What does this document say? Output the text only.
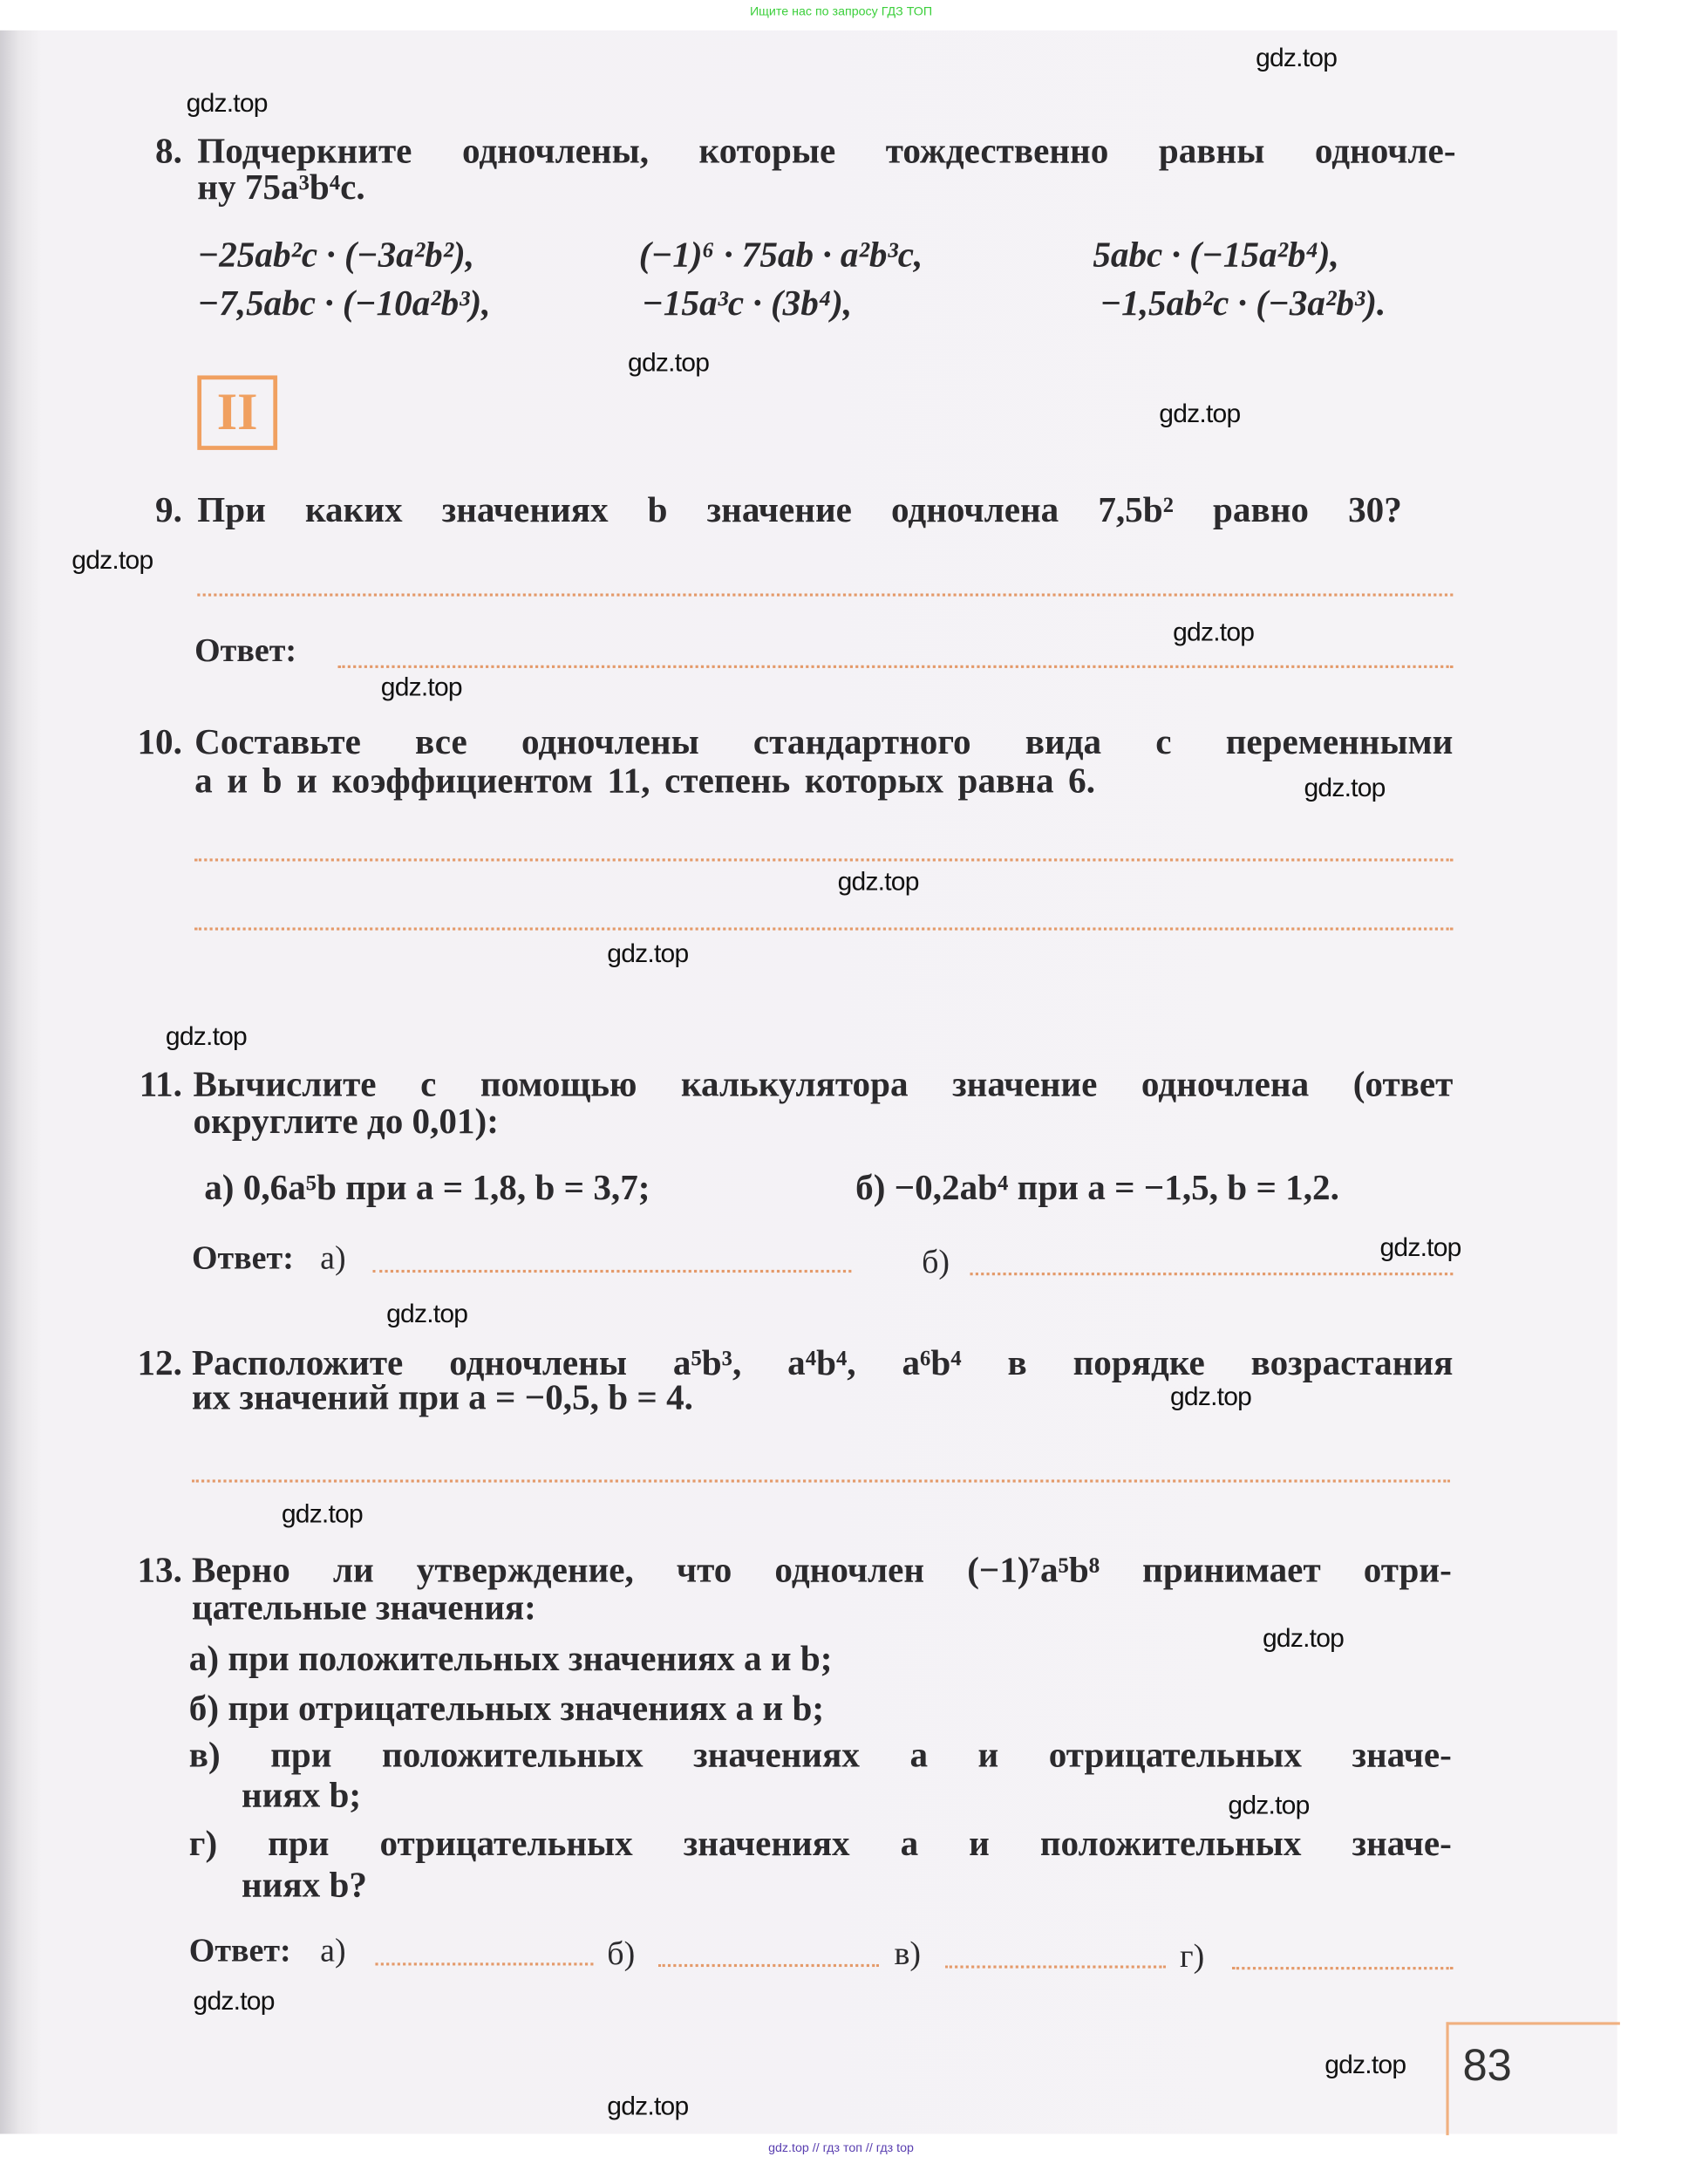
Ищите нас по запросу ГДЗ ТОП
8. Подчеркните одночлены, которые тождественно равны одночле-
ну 75a³b⁴c.
−25ab²c · (−3a²b²),	(−1)⁶ · 75ab · a²b³c,	5abc · (−15a²b⁴),
−7,5abc · (−10a²b³),	−15a³c · (3b⁴),	−1,5ab²c · (−3a²b³).
II
9. При каких значениях b значение одночлена 7,5b² равно 30?
Ответ:
10. Составьте все одночлены стандартного вида с переменными
a и b и коэффициентом 11, степень которых равна 6.
11. Вычислите с помощью калькулятора значение одночлена (ответ
округлите до 0,01):
а) 0,6a⁵b при a = 1,8, b = 3,7;	б) −0,2ab⁴ при a = −1,5, b = 1,2.
Ответ: а)	б)
12. Расположите одночлены a⁵b³, a⁴b⁴, a⁶b⁴ в порядке возрастания
их значений при a = −0,5, b = 4.
13. Верно ли утверждение, что одночлен (−1)⁷a⁵b⁸ принимает отри-
цательные значения:
а) при положительных значениях a и b;
б) при отрицательных значениях a и b;
в) при положительных значениях a и отрицательных значе-
ниях b;
г) при отрицательных значениях a и положительных значе-
ниях b?
Ответ: а)	б)	в)	г)
83
gdz.top
gdz.top
gdz.top
gdz.top
gdz.top
gdz.top
gdz.top
gdz.top
gdz.top
gdz.top
gdz.top
gdz.top
gdz.top
gdz.top
gdz.top
gdz.top
gdz.top
gdz.top
gdz.top
gdz.top
gdz.top // гдз топ // гдз top
